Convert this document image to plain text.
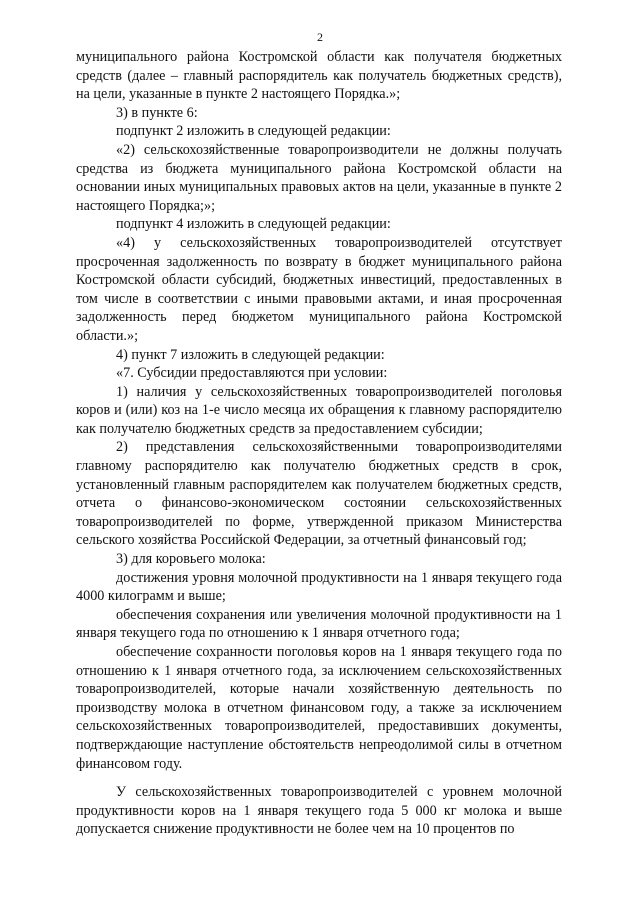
2

муниципального района Костромской области как получателя бюджетных средств (далее – главный распорядитель как получатель бюджетных средств), на цели, указанные в пункте 2 настоящего Порядка.»;

3) в пункте 6:

подпункт 2 изложить в следующей редакции:

«2) сельскохозяйственные товаропроизводители не должны получать средства из бюджета муниципального района Костромской области на основании иных муниципальных правовых актов на цели, указанные в пункте 2 настоящего Порядка;»;

подпункт 4 изложить в следующей редакции:

«4) у сельскохозяйственных товаропроизводителей отсутствует просроченная задолженность по возврату в бюджет муниципального района Костромской области субсидий, бюджетных инвестиций, предоставленных в том числе в соответствии с иными правовыми актами, и иная просроченная задолженность перед бюджетом муниципального района Костромской области.»;

4) пункт 7 изложить в следующей редакции:

«7. Субсидии предоставляются при условии:

1) наличия у сельскохозяйственных товаропроизводителей поголовья коров и (или) коз на 1-е число месяца их обращения к главному распорядителю как получателю бюджетных средств за предоставлением субсидии;

2) представления сельскохозяйственными товаропроизводителями главному распорядителю как получателю бюджетных средств в срок, установленный главным распорядителем как получателем бюджетных средств, отчета о финансово-экономическом состоянии сельскохозяйственных товаропроизводителей по форме, утвержденной приказом Министерства сельского хозяйства Российской Федерации, за отчетный финансовый год;

3) для коровьего молока:

достижения уровня молочной продуктивности на 1 января текущего года 4000 килограмм и выше;

обеспечения сохранения или увеличения молочной продуктивности на 1 января текущего года по отношению к 1 января отчетного года;

обеспечение сохранности поголовья коров на 1 января текущего года по отношению к 1 января отчетного года, за исключением сельскохозяйственных товаропроизводителей, которые начали хозяйственную деятельность по производству молока в отчетном финансовом году, а также за исключением сельскохозяйственных товаропроизводителей, предоставивших документы, подтверждающие наступление обстоятельств непреодолимой силы в отчетном финансовом году.

У сельскохозяйственных товаропроизводителей с уровнем молочной продуктивности коров на 1 января текущего года 5 000 кг молока и выше допускается снижение продуктивности не более чем на 10 процентов по
